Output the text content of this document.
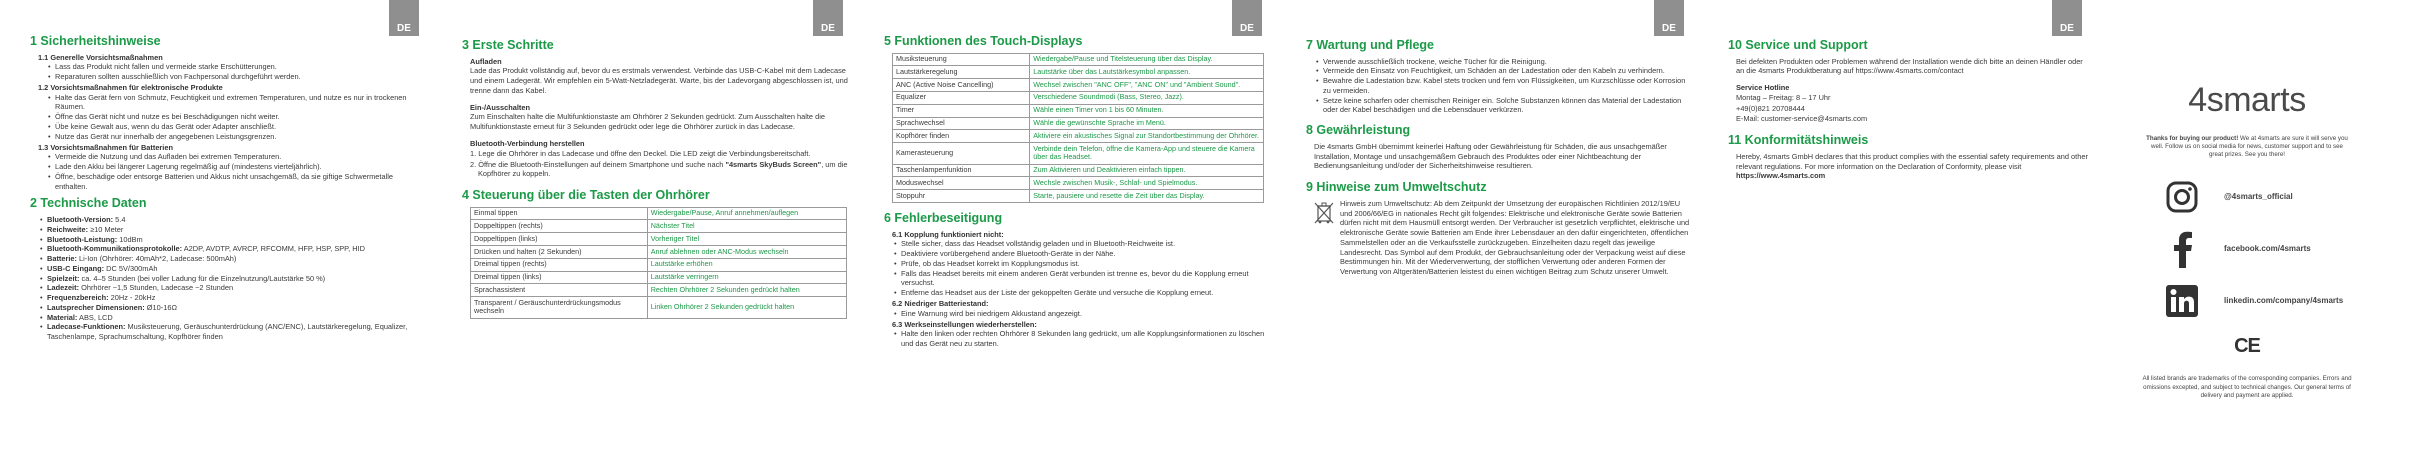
DE
1 Sicherheitshinweise
1.1 Generelle Vorsichtsmaßnahmen
• Lass das Produkt nicht fallen und vermeide starke Erschütterungen.
• Reparaturen sollten ausschließlich von Fachpersonal durchgeführt werden.
1.2 Vorsichtsmaßnahmen für elektronische Produkte
• Halte das Gerät fern von Schmutz, Feuchtigkeit und extremen Temperaturen, und nutze es nur in trockenen Räumen.
• Öffne das Gerät nicht und nutze es bei Beschädigungen nicht weiter.
• Übe keine Gewalt aus, wenn du das Gerät oder Adapter anschließt.
• Nutze das Gerät nur innerhalb der angegebenen Leistungsgrenzen.
1.3 Vorsichtsmaßnahmen für Batterien
• Vermeide die Nutzung und das Aufladen bei extremen Temperaturen.
• Lade den Akku bei längerer Lagerung regelmäßig auf (mindestens vierteljährlich).
• Öffne, beschädige oder entsorge Batterien und Akkus nicht unsachgemäß, da sie giftige Schwermetalle enthalten.
2 Technische Daten
• Bluetooth-Version: 5.4
• Reichweite: ≥10 Meter
• Bluetooth-Leistung: 10dBm
• Bluetooth-Kommunikationsprotokolle: A2DP, AVDTP, AVRCP, RFCOMM, HFP, HSP, SPP, HID
• Batterie: Li-Ion (Ohrhörer: 40mAh*2, Ladecase: 500mAh)
• USB-C Eingang: DC 5V/300mAh
• Spielzeit: ca. 4–5 Stunden (bei voller Ladung für die Einzelnutzung/Lautstärke 50 %)
• Ladezeit: Ohrhörer ~1,5 Stunden, Ladecase ~2 Stunden
• Frequenzbereich: 20Hz - 20kHz
• Lautsprecher Dimensionen: Ø10-16Ω
• Material: ABS, LCD
• Ladecase-Funktionen: Musiksteuerung, Geräuschunterdrückung (ANC/ENC), Lautstärkeregelung, Equalizer, Taschenlampe, Sprachumschaltung, Kopfhörer finden
DE
3 Erste Schritte
Aufladen

Lade das Produkt vollständig auf, bevor du es erstmals verwendest. Verbinde das USB-C-Kabel mit dem Ladecase und einem Ladegerät. Wir empfehlen ein 5-Watt-Netzladegerät. Warte, bis der Ladevorgang abgeschlossen ist, und trenne dann das Kabel.

Ein-/Ausschalten

Zum Einschalten halte die Multifunktionstaste am Ohrhörer 2 Sekunden gedrückt. Zum Ausschalten halte die Multifunktionstaste erneut für 3 Sekunden gedrückt oder lege die Ohrhörer zurück in das Ladecase.

Bluetooth-Verbindung herstellen

1. Lege die Ohrhörer in das Ladecase und öffne den Deckel. Die LED zeigt die Verbindungsbereitschaft.

2. Öffne die Bluetooth-Einstellungen auf deinem Smartphone und suche nach "4smarts SkyBuds Screen", um die Kopfhörer zu koppeln.

4 Steuerung über die Tasten der Ohrhörer
Einmal tippen	Wiedergabe/Pause, Anruf annehmen/auflegen
Doppeltippen (rechts)	Nächster Titel
Doppeltippen (links)	Vorheriger Titel
Drücken und halten (2 Sekunden)	Anruf ablehnen oder ANC-Modus wechseln
Dreimal tippen (rechts)	Lautstärke erhöhen
Dreimal tippen (links)	Lautstärke verringern
Sprachassistent	Rechten Ohrhörer 2 Sekunden gedrückt halten
Transparent / Geräuschunterdrückungsmodus wechseln	Linken Ohrhörer 2 Sekunden gedrückt halten
DE
5 Funktionen des Touch-Displays
Musiksteuerung	Wiedergabe/Pause und Titelsteuerung über das Display.
Lautstärkeregelung	Lautstärke über das Lautstärkesymbol anpassen.
ANC (Active Noise Cancelling)	Wechsel zwischen "ANC OFF", "ANC ON" und "Ambient Sound".
Equalizer	Verschiedene Soundmodi (Bass, Stereo, Jazz).
Timer	Wähle einen Timer von 1 bis 60 Minuten.
Sprachwechsel	Wähle die gewünschte Sprache im Menü.
Kopfhörer finden	Aktiviere ein akustisches Signal zur Standortbestimmung der Ohrhörer.
Kamerasteuerung	Verbinde dein Telefon, öffne die Kamera-App und steuere die Kamera über das Headset.
Taschenlampenfunktion	Zum Aktivieren und Deaktivieren einfach tippen.
Moduswechsel	Wechsle zwischen Musik-, Schlaf- und Spielmodus.
Stoppuhr	Starte, pausiere und resette die Zeit über das Display.
6 Fehlerbeseitigung
6.1 Kopplung funktioniert nicht:
• Stelle sicher, dass das Headset vollständig geladen und in Bluetooth-Reichweite ist.
• Deaktiviere vorübergehend andere Bluetooth-Geräte in der Nähe.
• Prüfe, ob das Headset korrekt im Kopplungsmodus ist.
• Falls das Headset bereits mit einem anderen Gerät verbunden ist trenne es, bevor du die Kopplung erneut versuchst.
• Entferne das Headset aus der Liste der gekoppelten Geräte und versuche die Kopplung erneut.
6.2 Niedriger Batteriestand:
• Eine Warnung wird bei niedrigem Akkustand angezeigt.
6.3 Werkseinstellungen wiederherstellen:
• Halte den linken oder rechten Ohrhörer 8 Sekunden lang gedrückt, um alle Kopplungsinformationen zu löschen und das Gerät neu zu starten.
DE
7 Wartung und Pflege
• Verwende ausschließlich trockene, weiche Tücher für die Reinigung.
• Vermeide den Einsatz von Feuchtigkeit, um Schäden an der Ladestation oder den Kabeln zu verhindern.
• Bewahre die Ladestation bzw. Kabel stets trocken und fern von Flüssigkeiten, um Kurzschlüsse oder Korrosion zu vermeiden.
• Setze keine scharfen oder chemischen Reiniger ein. Solche Substanzen können das Material der Ladestation oder der Kabel beschädigen und die Lebensdauer verkürzen.
8 Gewährleistung

Die 4smarts GmbH übernimmt keinerlei Haftung oder Gewährleistung für Schäden, die aus unsachgemäßer Installation, Montage und unsachgemäßem Gebrauch des Produktes oder einer Nichtbeachtung der Bedienungsanleitung und/oder der Sicherheitshinweise resultieren.

9 Hinweise zum Umweltschutz

Hinweis zum Umweltschutz: Ab dem Zeitpunkt der Umsetzung der europäischen Richtlinien 2012/19/EU und 2006/66/EG in nationales Recht gilt folgendes: Elektrische und elektronische Geräte sowie Batterien dürfen nicht mit dem Hausmüll entsorgt werden. Der Verbraucher ist gesetzlich verpflichtet, elektrische und elektronische Geräte sowie Batterien am Ende ihrer Lebensdauer an den dafür eingerichteten, öffentlichen Sammelstellen oder an die Verkaufsstelle zurückzugeben. Einzelheiten dazu regelt das jeweilige Landesrecht. Das Symbol auf dem Produkt, der Gebrauchsanleitung oder der Verpackung weist auf diese Bestimmungen hin. Mit der Wiederverwertung, der stofflichen Verwertung oder anderen Formen der Verwertung von Altgeräten/Batterien leistest du einen wichtigen Beitrag zum Schutz unserer Umwelt.

DE
10 Service und Support

Bei defekten Produkten oder Problemen während der Installation wende dich bitte an deinen Händler oder an die 4smarts Produktberatung auf https://www.4smarts.com/contact

Service Hotline

Montag – Freitag: 8 – 17 Uhr

+49(0)821 20708444

E-Mail: customer-service@4smarts.com

11 Konformitätshinweis

Hereby, 4smarts GmbH declares that this product complies with the essential safety requirements and other relevant regulations. For more information on the Declaration of Conformity, please visit https://www.4smarts.com

4smarts
Thanks for buying our product! We at 4smarts are sure it will serve you well. Follow us on social media for news, customer support and to see great prizes. See you there!
@4smarts_official
facebook.com/4smarts
linkedin.com/company/4smarts
CE
All listed brands are trademarks of the corresponding companies. Errors and omissions excepted, and subject to technical changes. Our general terms of delivery and payment are applied.
